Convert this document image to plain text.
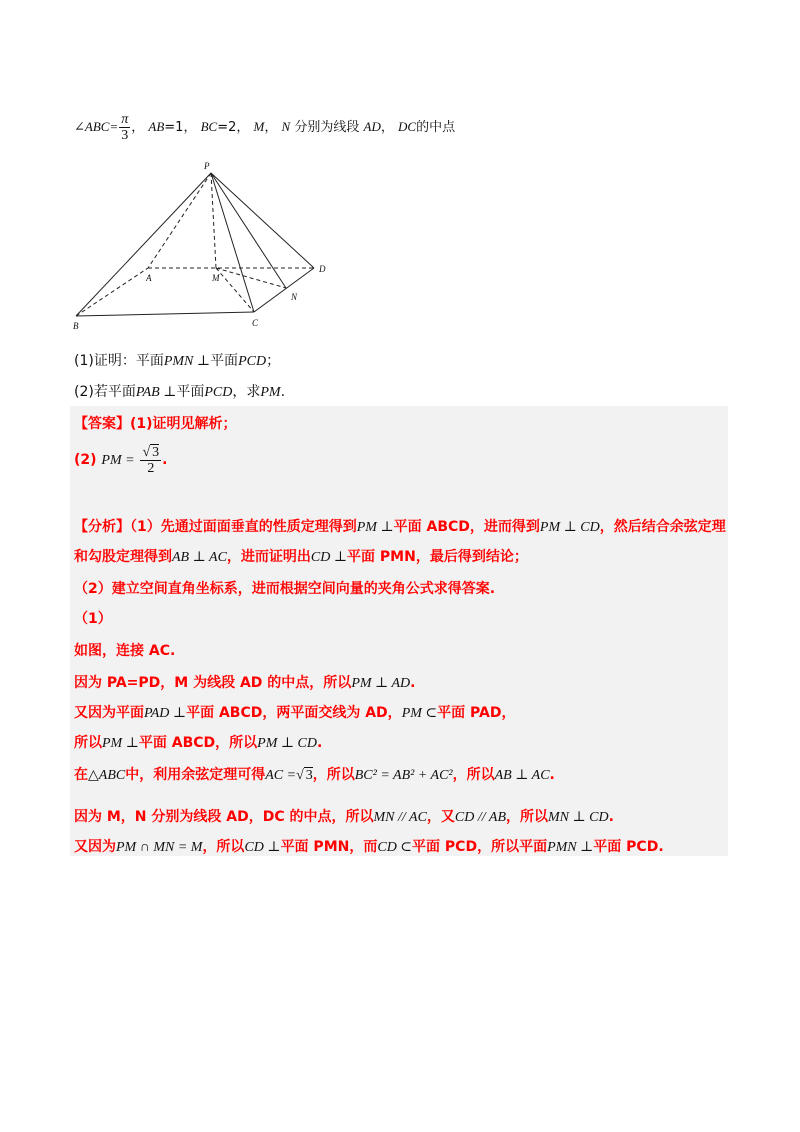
∠ABC= $\frac{\pi}{3}$ ， AB=1， BC=2， M， N 分别为线段 AD， DC的中点
P
A	M
D
N
B	C
(1)证明：平面PMN ⊥平面PCD；
(2)若平面PAB ⊥平面PCD，求PM.
【答案】(1)证明见解析；
(2) PM = $\frac{√ 3}{2}$ .
【分析】（1）先通过面面垂直的性质定理得到PM ⊥平面 ABCD，进而得到PM ⊥ CD，然后结合余弦定理
和勾股定理得到AB ⊥ AC，进而证明出CD ⊥平面 PMN，最后得到结论；
（2）建立空间直角坐标系，进而根据空间向量的夹角公式求得答案.
（1）
如图，连接 AC.
因为 PA=PD，M 为线段 AD 的中点，所以PM ⊥ AD.
又因为平面PAD ⊥平面 ABCD，两平面交线为 AD，PM ⊂平面 PAD，
所以PM ⊥平面 ABCD，所以PM ⊥ CD.
在△ABC中，利用余弦定理可得AC =√ 3，所以BC² = AB² + AC²，所以AB ⊥ AC.
因为 M，N 分别为线段 AD，DC 的中点，所以MN // AC，又CD // AB，所以MN ⊥ CD.
又因为PM ∩ MN = M，所以CD ⊥平面 PMN，而CD ⊂平面 PCD，所以平面PMN ⊥平面 PCD.
